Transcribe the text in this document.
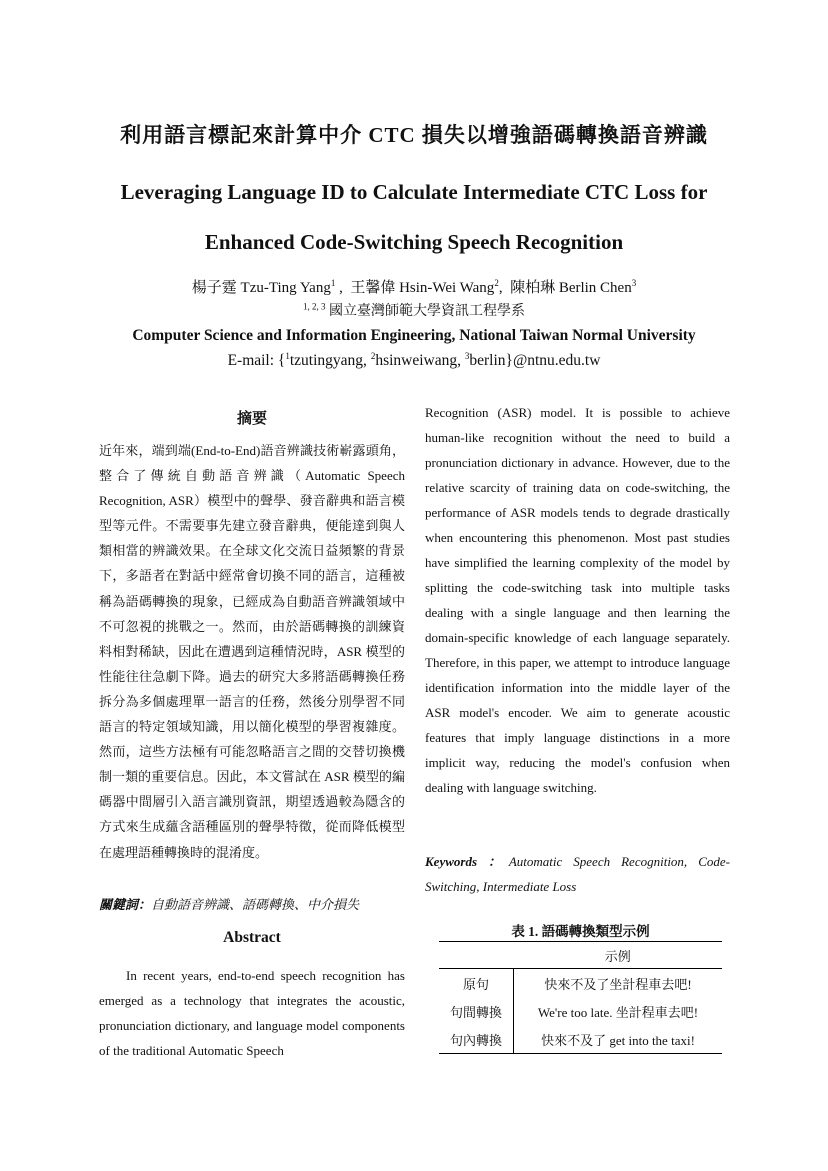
利用語言標記來計算中介 CTC 損失以增強語碼轉換語音辨識
Leveraging Language ID to Calculate Intermediate CTC Loss for
Enhanced Code-Switching Speech Recognition
楊子霆 Tzu-Ting Yang$^1$ ,  王馨偉 Hsin-Wei Wang$^2$,  陳柏琳 Berlin Chen$^3$
$^{1, 2, 3}$ 國立臺灣師範大學資訊工程學系
Computer Science and Information Engineering, National Taiwan Normal University
E-mail: {$^1$tzutingyang, $^2$hsinweiwang, $^3$berlin}@ntnu.edu.tw
摘要

近年來，端到端(End-to-End)語音辨識技術嶄露頭角，整合了傳統自動語音辨識（Automatic Speech Recognition, ASR）模型中的聲學、發音辭典和語言模型等元件。不需要事先建立發音辭典，便能達到與人類相當的辨識效果。在全球文化交流日益頻繁的背景下，多語者在對話中經常會切換不同的語言，這種被稱為語碼轉換的現象，已經成為自動語音辨識領域中不可忽視的挑戰之一。然而，由於語碼轉換的訓練資料相對稀缺，因此在遭遇到這種情況時，ASR 模型的性能往往急劇下降。過去的研究大多將語碼轉換任務拆分為多個處理單一語言的任務，然後分別學習不同語言的特定領域知識，用以簡化模型的學習複雜度。然而，這些方法極有可能忽略語言之間的交替切換機制一類的重要信息。因此，本文嘗試在 ASR 模型的編碼器中間層引入語言識別資訊，期望透過較為隱含的方式來生成蘊含語種區別的聲學特徵，從而降低模型在處理語種轉換時的混淆度。

關鍵詞：自動語音辨識、語碼轉換、中介損失

Abstract

In recent years, end-to-end speech recognition has emerged as a technology that integrates the acoustic, pronunciation dictionary, and language model components of the traditional Automatic Speech

Recognition (ASR) model. It is possible to achieve human-like recognition without the need to build a pronunciation dictionary in advance. However, due to the relative scarcity of training data on code-switching, the performance of ASR models tends to degrade drastically when encountering this phenomenon. Most past studies have simplified the learning complexity of the model by splitting the code-switching task into multiple tasks dealing with a single language and then learning the domain-specific knowledge of each language separately. Therefore, in this paper, we attempt to introduce language identification information into the middle layer of the ASR model's encoder. We aim to generate acoustic features that imply language distinctions in a more implicit way, reducing the model's confusion when dealing with language switching.

Keywords ：Automatic Speech Recognition, Code-Switching, Intermediate Loss

表 1. 語碼轉換類型示例
	示例
原句	快來不及了坐計程車去吧!
句間轉換	We're too late. 坐計程車去吧!
句內轉換	快來不及了 get into the taxi!
